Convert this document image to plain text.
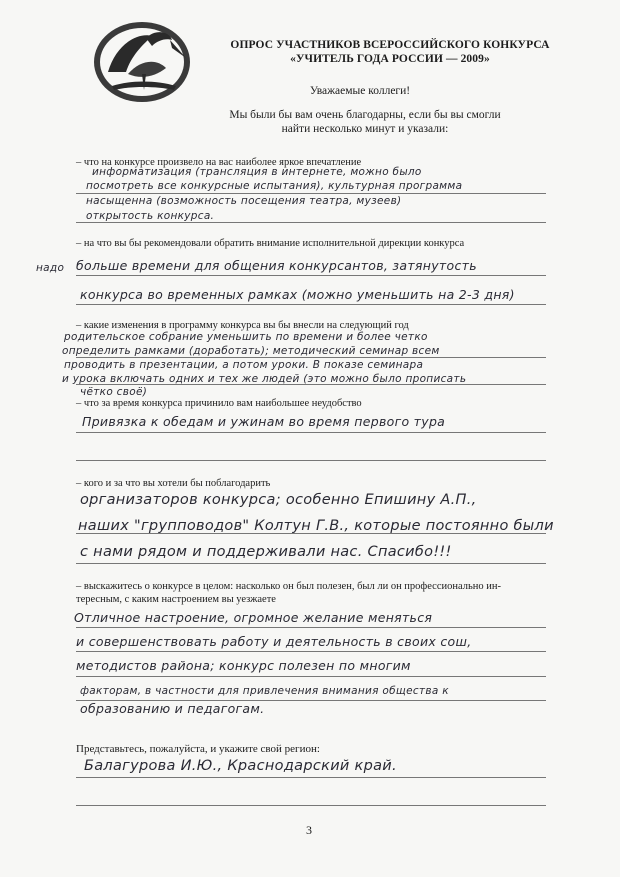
ОПРОС УЧАСТНИКОВ ВСЕРОССИЙСКОГО КОНКУРСА
«УЧИТЕЛЬ ГОДА РОССИИ — 2009»
Уважаемые коллеги!
Мы были бы вам очень благодарны, если бы вы смогли
найти несколько минут и указали:
– что на конкурсе произвело на вас наиболее яркое впечатление
информатизация (трансляция в интернете, можно было
посмотреть все конкурсные испытания), культурная программа
насыщенна (возможность посещения театра, музеев)
открытость конкурса.
– на что вы бы рекомендовали обратить внимание исполнительной дирекции конкурса
надо больше времени для общения конкурсантов, затянутость
конкурса во временных рамках (можно уменьшить на 2-3 дня)
– какие изменения в программу конкурса вы бы внесли на следующий год
родительское собрание уменьшить по времени и более четко
определить рамками (доработать); методический семинар всем
проводить в презентации, а потом уроки. В показе семинара
и урока включать одних и тех же людей (это можно было прописать
чётко своё)
– что за время конкурса причинило вам наибольшее неудобство
Привязка к обедам и ужинам во время первого тура
– кого и за что вы хотели бы поблагодарить
организаторов конкурса; особенно Епишину А.П.,
наших "групповодов" Колтун Г.В., которые постоянно были
с нами рядом и поддерживали нас. Спасибо!!!
– выскажитесь о конкурсе в целом: насколько он был полезен, был ли он профессионально ин-
тересным, с каким настроением вы уезжаете
Отличное настроение, огромное желание меняться
и совершенствовать работу и деятельность в своих сош,
методистов района; конкурс полезен по многим
факторам, в частности для привлечения внимания общества к
образованию и педагогам.
Представьтесь, пожалуйста, и укажите свой регион:
Балагурова И.Ю., Краснодарский край.
3
